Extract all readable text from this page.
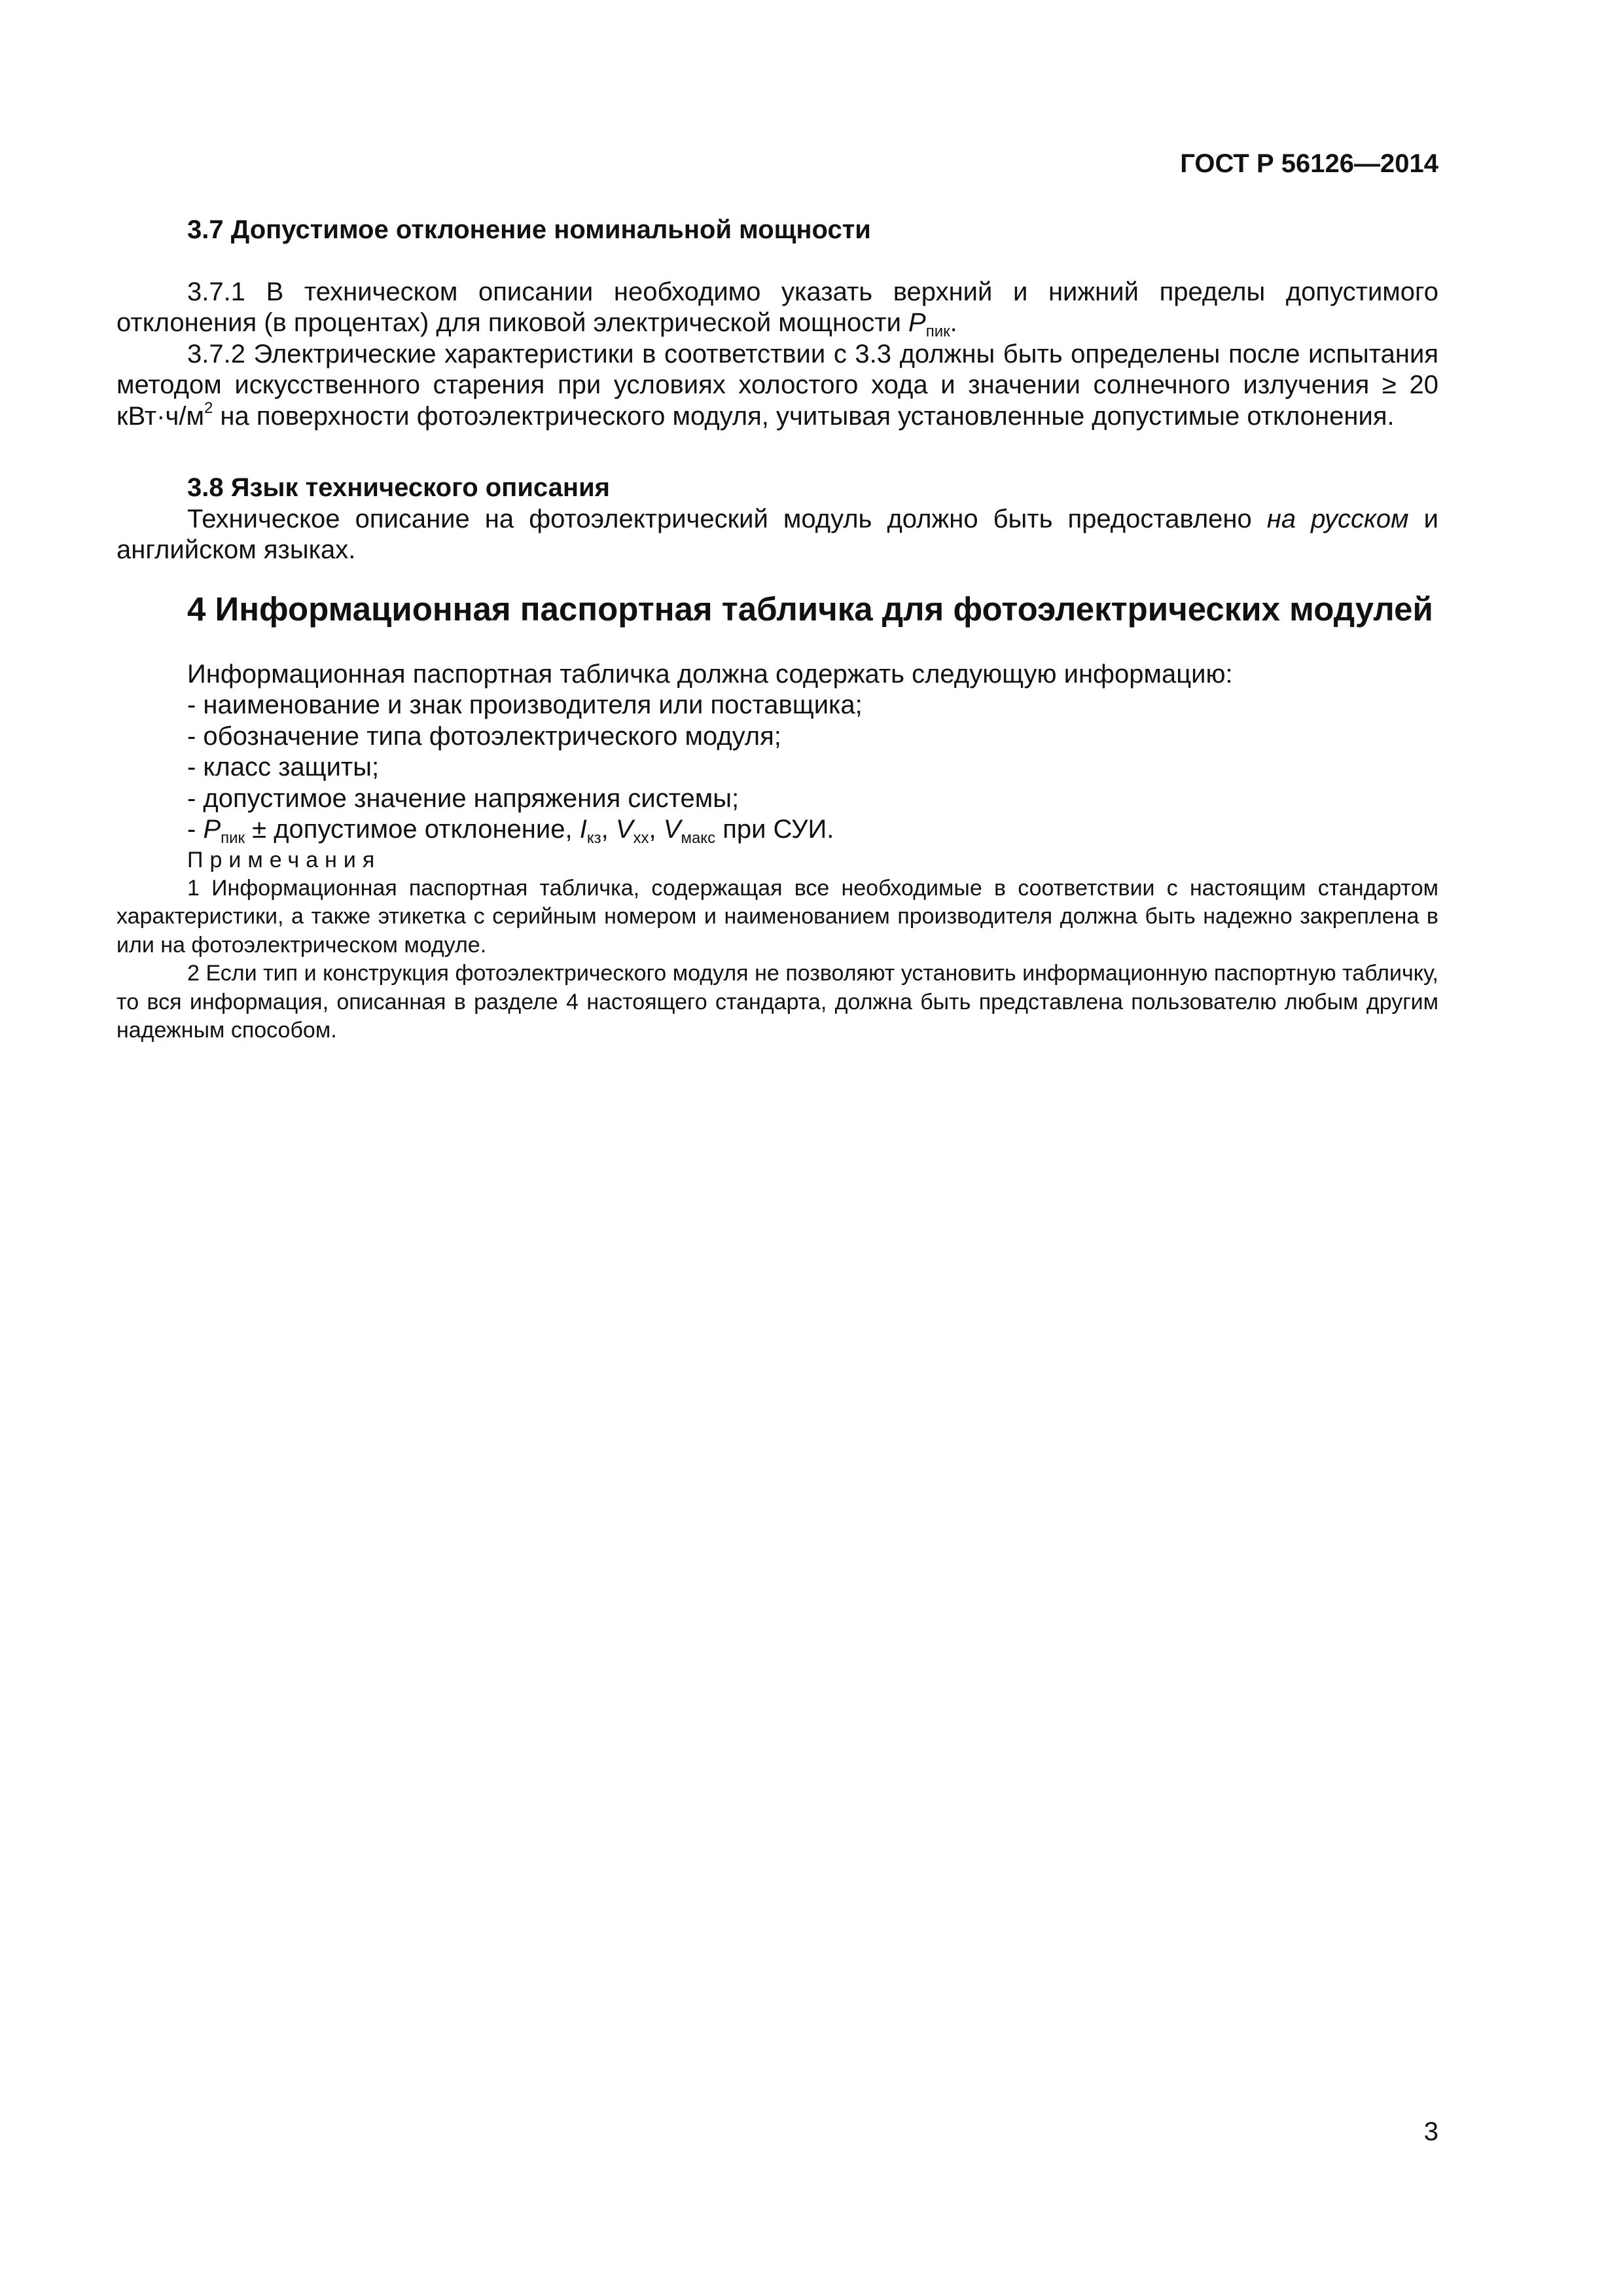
ГОСТ Р 56126—2014

3.7 Допустимое отклонение номинальной мощности

3.7.1 В техническом описании необходимо указать верхний и нижний пределы допустимого отклонения (в процентах) для пиковой электрической мощности $P_{пик}$.

3.7.2 Электрические характеристики в соответствии с 3.3 должны быть определены после испытания методом искусственного старения при условиях холостого хода и значении солнечного излучения ≥ 20 $кВт\cdot ч/м^2$ на поверхности фотоэлектрического модуля, учитывая установленные допустимые отклонения.

3.8 Язык технического описания

Техническое описание на фотоэлектрический модуль должно быть предоставлено на русском и английском языках.

4 Информационная паспортная табличка для фотоэлектрических модулей

Информационная паспортная табличка должна содержать следующую информацию:

- наименование и знак производителя или поставщика;

- обозначение типа фотоэлектрического модуля;

- класс защиты;

- допустимое значение напряжения системы;

- $P_{пик}$ ± допустимое отклонение, $I_{кз}$, $V_{хх}$, $V_{макс}$ при СУИ.

Примечания

1 Информационная паспортная табличка, содержащая все необходимые в соответствии с настоящим стандартом характеристики, а также этикетка с серийным номером и наименованием производителя должна быть надежно закреплена в или на фотоэлектрическом модуле.

2 Если тип и конструкция фотоэлектрического модуля не позволяют установить информационную паспортную табличку, то вся информация, описанная в разделе 4 настоящего стандарта, должна быть представлена пользователю любым другим надежным способом.

3
